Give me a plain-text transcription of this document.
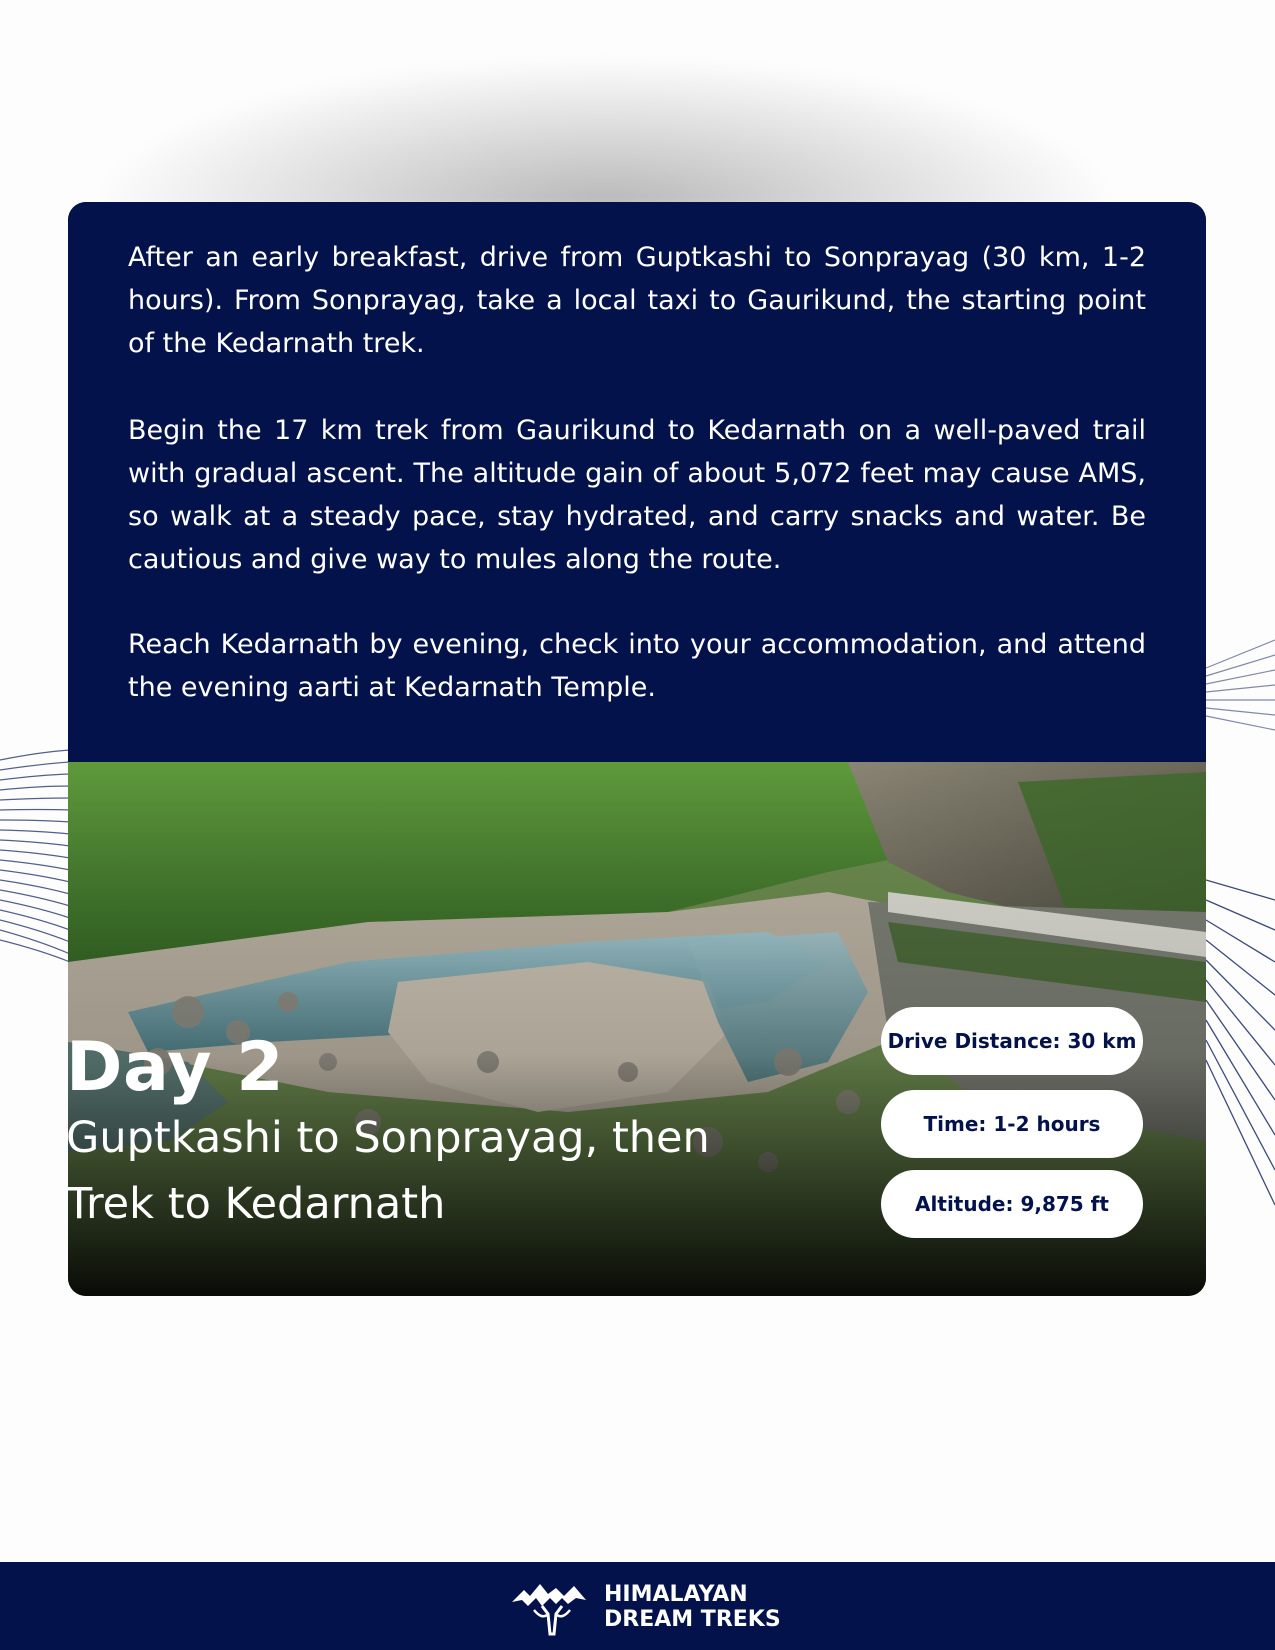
After an early breakfast, drive from Guptkashi to Sonprayag (30 km, 1-2 hours). From Sonprayag, take a local taxi to Gaurikund, the starting point of the Kedarnath trek.

Begin the 17 km trek from Gaurikund to Kedarnath on a well-paved trail with gradual ascent. The altitude gain of about 5,072 feet may cause AMS, so walk at a steady pace, stay hydrated, and carry snacks and water. Be cautious and give way to mules along the route.

Reach Kedarnath by evening, check into your accommodation, and attend the evening aarti at Kedarnath Temple.

Day 2
Guptkashi to Sonprayag, then
Trek to Kedarnath
Drive Distance: 30 km
Time: 1-2 hours
Altitude: 9,875 ft
HIMALAYAN
DREAM TREKS
